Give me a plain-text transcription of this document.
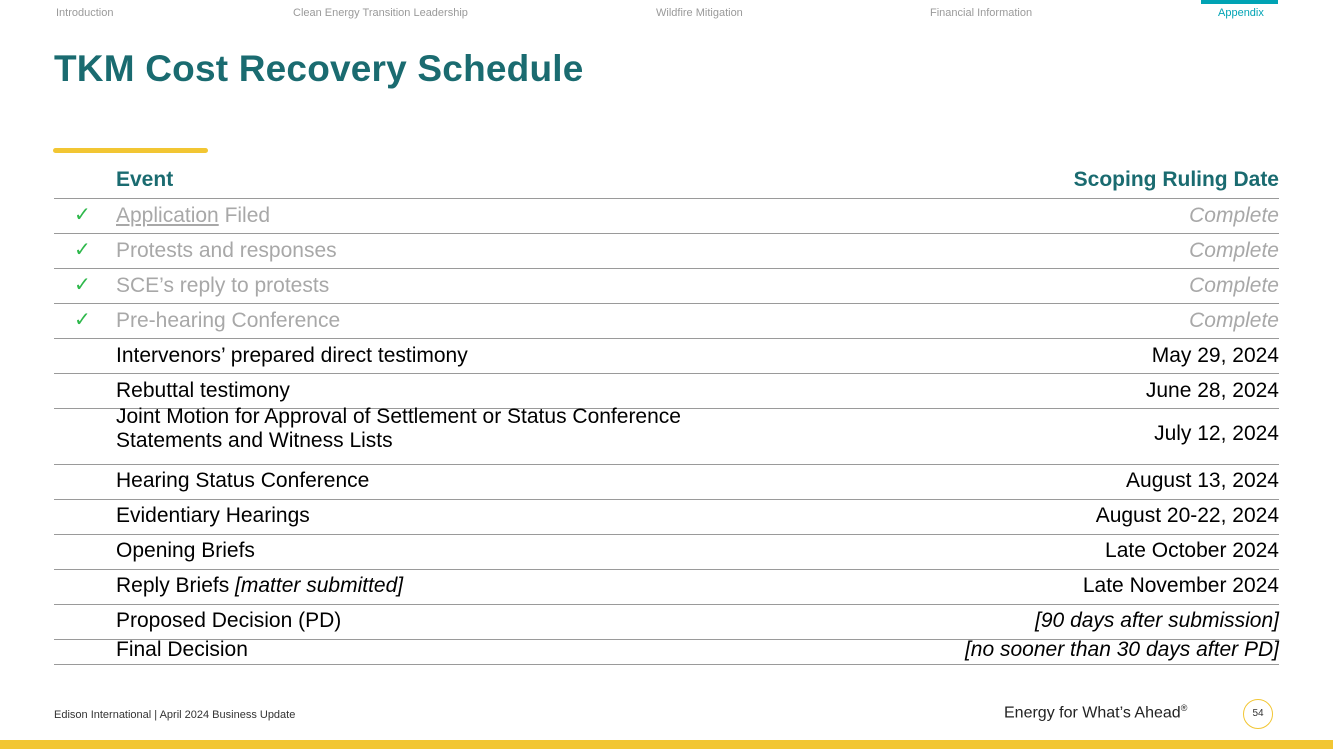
Introduction	Clean Energy Transition Leadership	Wildfire Mitigation	Financial Information	Appendix
TKM Cost Recovery Schedule
Event	Scoping Ruling Date
✓ Application Filed	Complete
✓ Protests and responses	Complete
✓ SCE’s reply to protests	Complete
✓ Pre-hearing Conference	Complete
Intervenors’ prepared direct testimony	May 29, 2024
Rebuttal testimony	June 28, 2024
Joint Motion for Approval of Settlement or Status Conference
Statements and Witness Lists	July 12, 2024
Hearing Status Conference	August 13, 2024
Evidentiary Hearings	August 20-22, 2024
Opening Briefs	Late October 2024
Reply Briefs [matter submitted]	Late November 2024
Proposed Decision (PD)	[90 days after submission]
Final Decision	[no sooner than 30 days after PD]
Edison International | April 2024 Business Update	Energy for What’s Ahead®	54
